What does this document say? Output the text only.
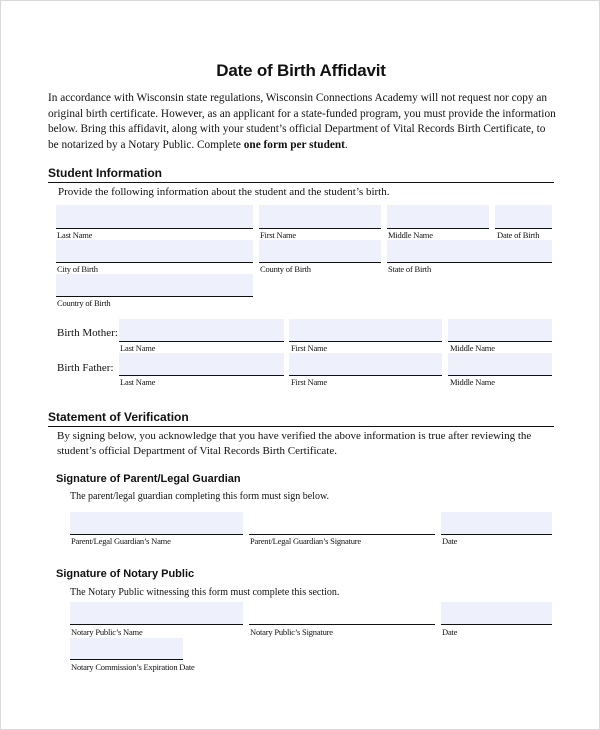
Date of Birth Affidavit
In accordance with Wisconsin state regulations, Wisconsin Connections Academy will not request nor copy an original birth certificate. However, as an applicant for a state-funded program, you must provide the information below. Bring this affidavit, along with your student’s official Department of Vital Records Birth Certificate, to be notarized by a Notary Public. Complete one form per student.
Student Information
Provide the following information about the student and the student’s birth.
Last Name	First Name	Middle Name	Date of Birth
City of Birth	County of Birth	State of Birth
Country of Birth
Birth Mother:
Last Name	First Name	Middle Name
Birth Father:
Last Name	First Name	Middle Name
Statement of Verification
By signing below, you acknowledge that you have verified the above information is true after reviewing the student’s official Department of Vital Records Birth Certificate.
Signature of Parent/Legal Guardian
The parent/legal guardian completing this form must sign below.
Parent/Legal Guardian’s Name	Parent/Legal Guardian’s Signature	Date
Signature of Notary Public
The Notary Public witnessing this form must complete this section.
Notary Public’s Name	Notary Public’s Signature	Date
Notary Commission’s Expiration Date
